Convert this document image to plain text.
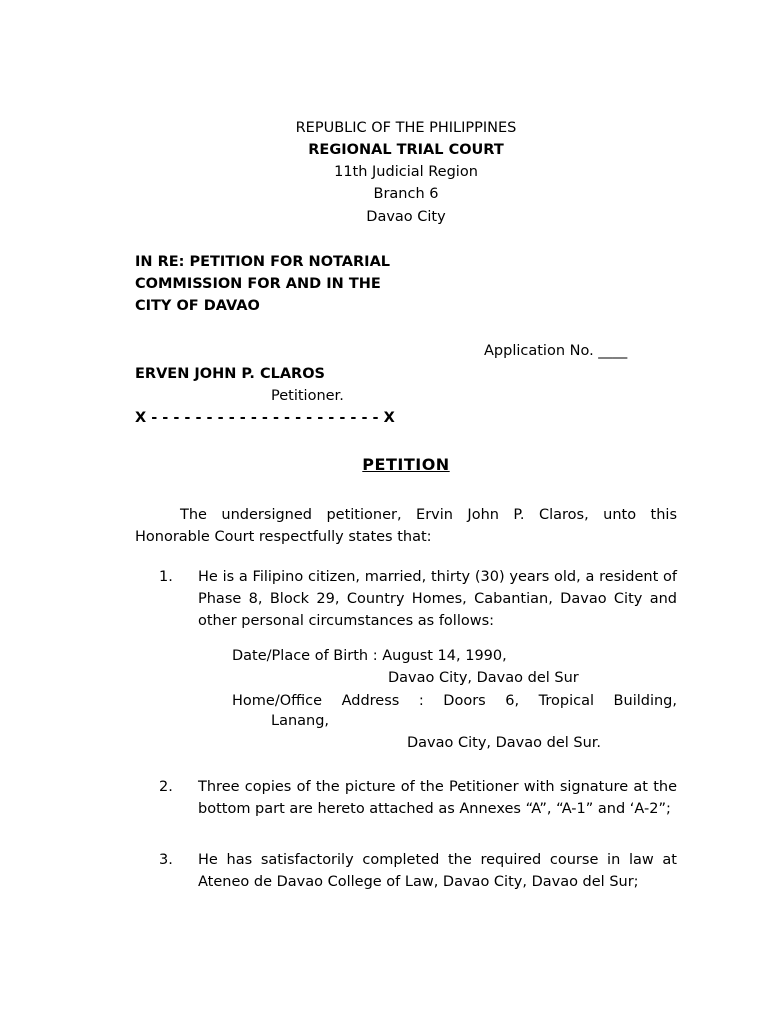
REPUBLIC OF THE PHILIPPINES
REGIONAL TRIAL COURT
11th Judicial Region
Branch 6
Davao City
IN RE: PETITION FOR NOTARIAL
COMMISSION FOR AND IN THE
CITY OF DAVAO
Application No. ____
ERVEN JOHN P. CLAROS
Petitioner.
X - - - - - - - - - - - - - - - - - - - - - X
PETITION
The undersigned petitioner, Ervin John P. Claros, unto this Honorable Court respectfully states that:
1. He is a Filipino citizen, married, thirty (30) years old, a resident of Phase 8, Block 29, Country Homes, Cabantian, Davao City and other personal circumstances as follows:
Date/Place of Birth : August 14, 1990,
Davao City, Davao del Sur
Home/Office Address : Doors 6, Tropical Building,
Lanang,
Davao City, Davao del Sur.
2. Three copies of the picture of the Petitioner with signature at the bottom part are hereto attached as Annexes “A”, “A-1” and ‘A-2”;
3. He has satisfactorily completed the required course in law at Ateneo de Davao College of Law, Davao City, Davao del Sur;
